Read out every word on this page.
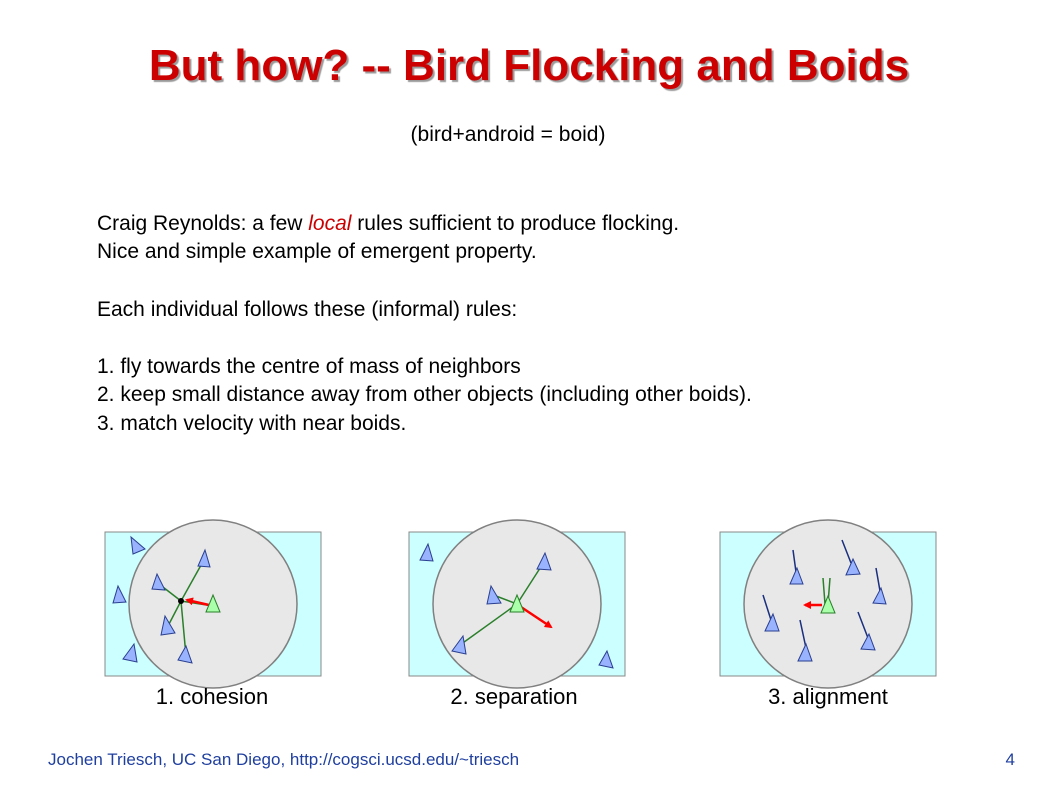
But how? -- Bird Flocking and Boids
(bird+android = boid)

Craig Reynolds: a few local rules sufficient to produce flocking.

Nice and simple example of emergent property.

Each individual follows these (informal) rules:

1. fly towards the centre of mass of neighbors

2. keep small distance away from other objects (including other boids).

3. match velocity with near boids.

1. cohesion	2. separation	3. alignment
Jochen Triesch, UC San Diego, http://cogsci.ucsd.edu/~triesch	4
